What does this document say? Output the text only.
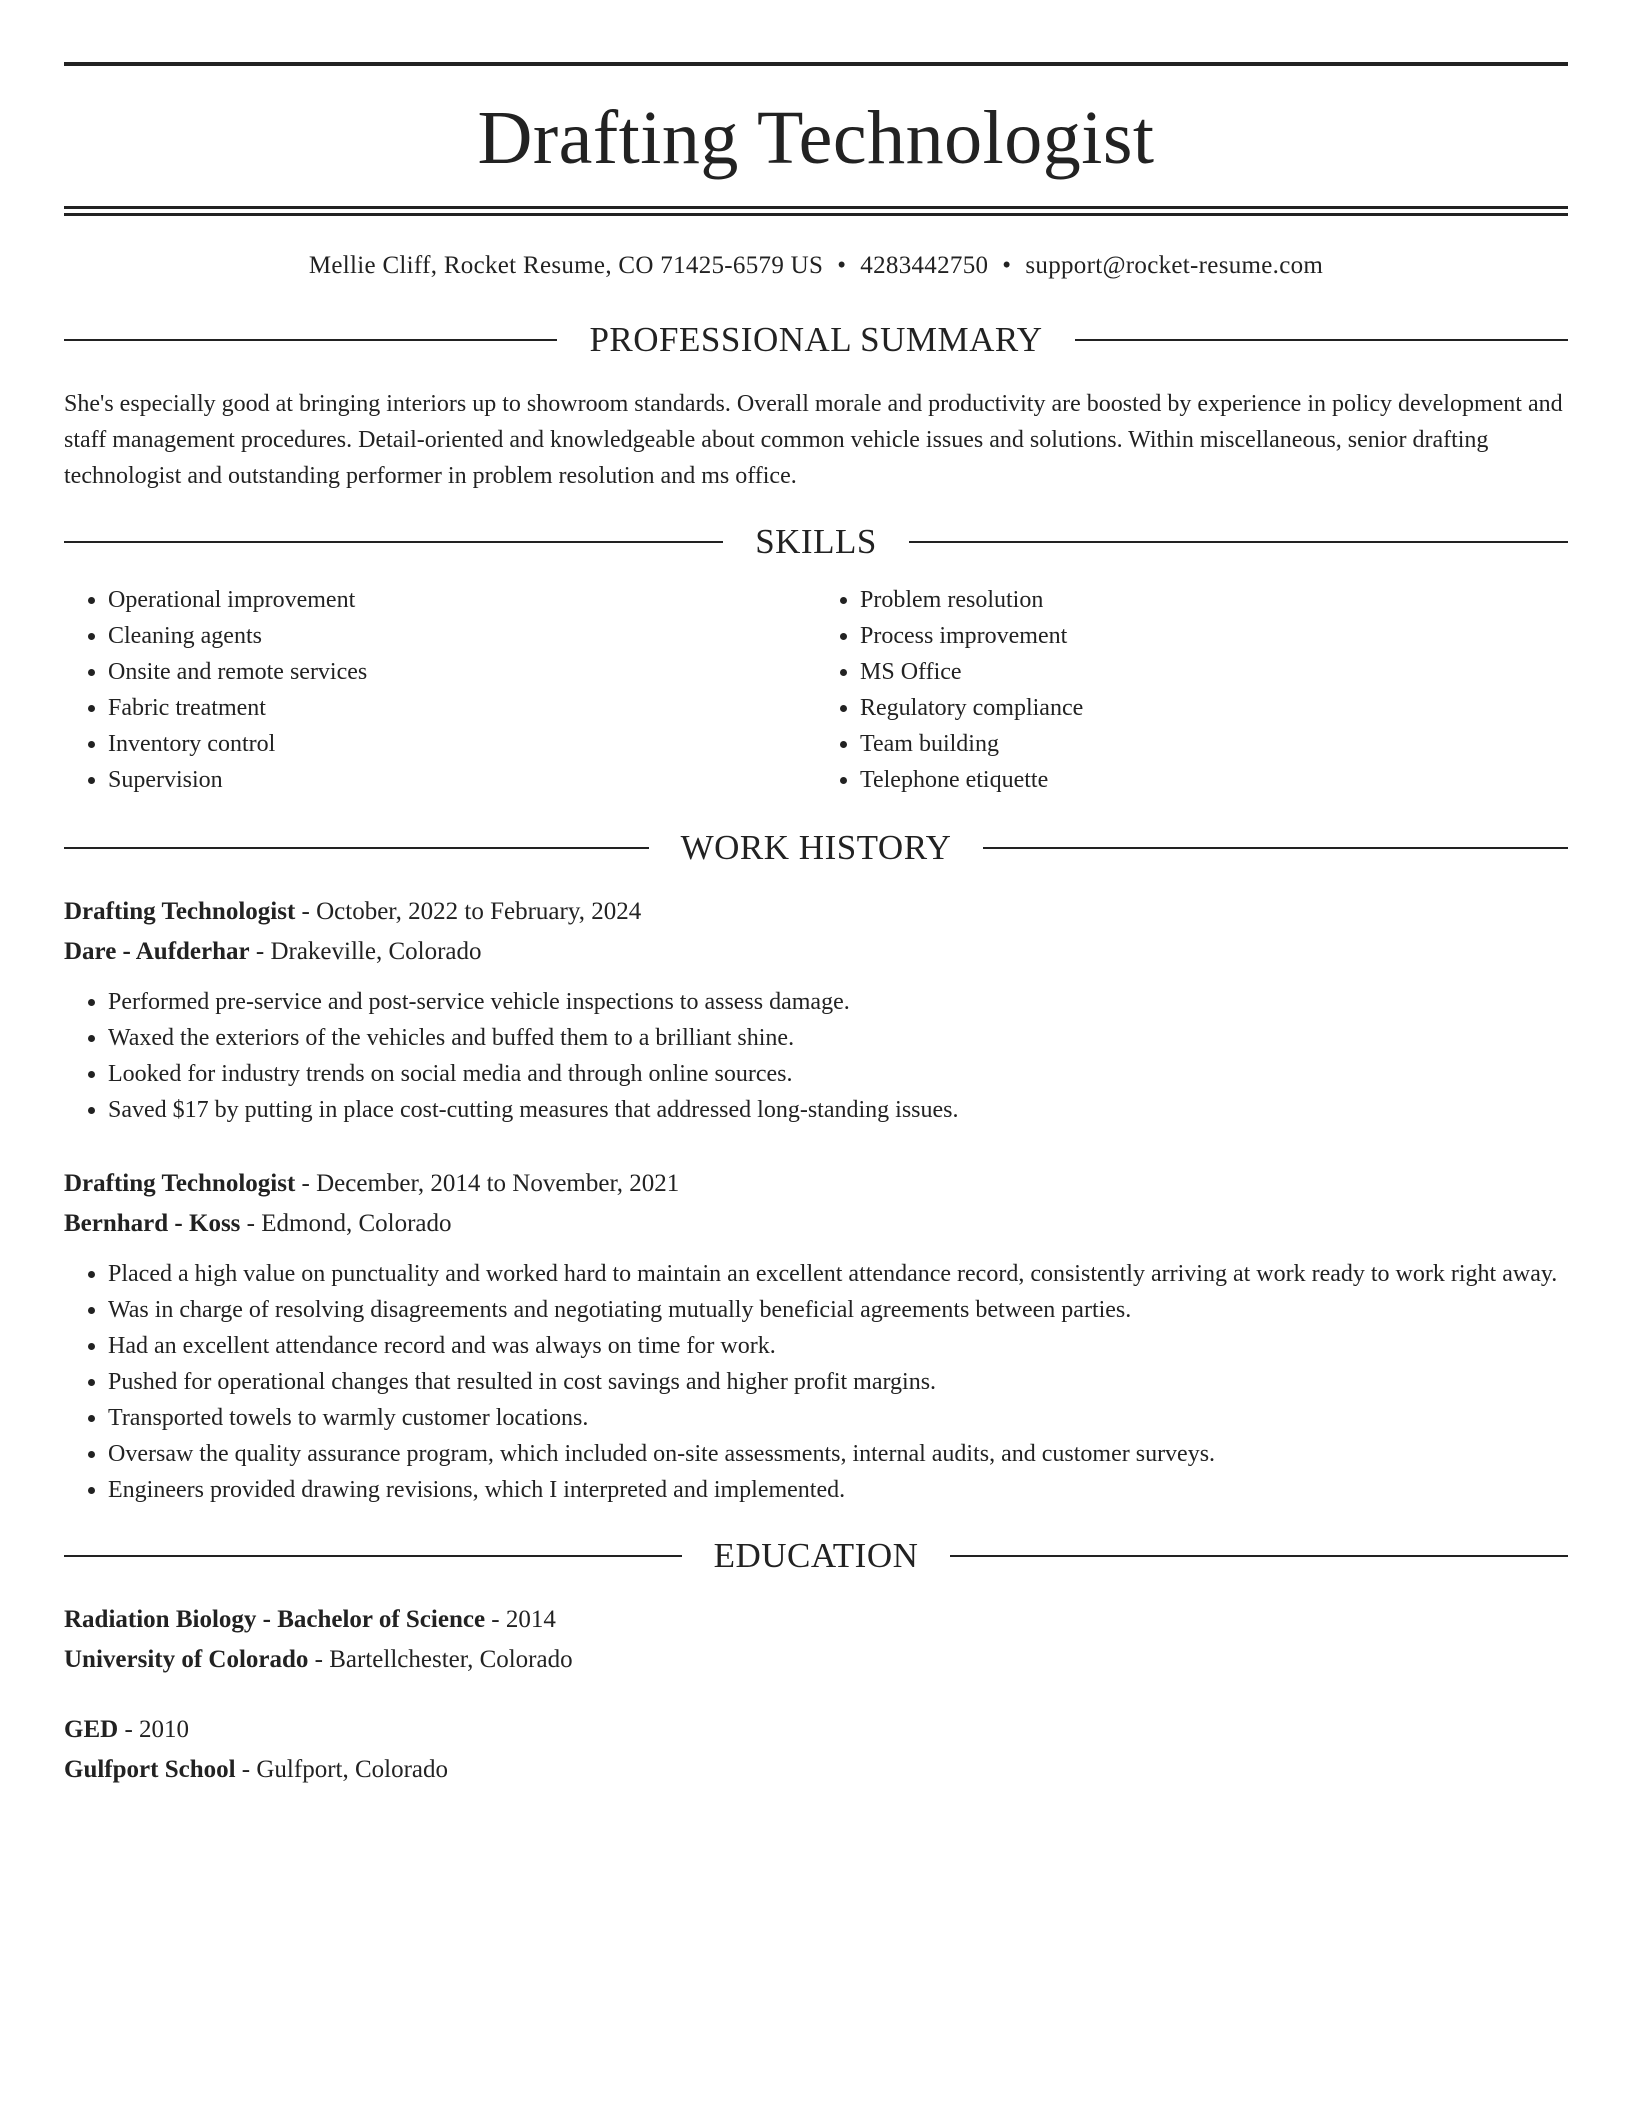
Drafting Technologist
Mellie Cliff, Rocket Resume, CO 71425-6579 US • 4283442750 • support@rocket-resume.com
PROFESSIONAL SUMMARY

She's especially good at bringing interiors up to showroom standards. Overall morale and productivity are boosted by experience in policy development and staff management procedures. Detail-oriented and knowledgeable about common vehicle issues and solutions. Within miscellaneous, senior drafting technologist and outstanding performer in problem resolution and ms office.

SKILLS
• Operational improvement
• Cleaning agents
• Onsite and remote services
• Fabric treatment
• Inventory control
• Supervision
• Problem resolution
• Process improvement
• MS Office
• Regulatory compliance
• Team building
• Telephone etiquette
WORK HISTORY
Drafting Technologist - October, 2022 to February, 2024
Dare - Aufderhar - Drakeville, Colorado
• Performed pre-service and post-service vehicle inspections to assess damage.
• Waxed the exteriors of the vehicles and buffed them to a brilliant shine.
• Looked for industry trends on social media and through online sources.
• Saved $17 by putting in place cost-cutting measures that addressed long-standing issues.
Drafting Technologist - December, 2014 to November, 2021
Bernhard - Koss - Edmond, Colorado
• Placed a high value on punctuality and worked hard to maintain an excellent attendance record, consistently arriving at work ready to work right away.
• Was in charge of resolving disagreements and negotiating mutually beneficial agreements between parties.
• Had an excellent attendance record and was always on time for work.
• Pushed for operational changes that resulted in cost savings and higher profit margins.
• Transported towels to warmly customer locations.
• Oversaw the quality assurance program, which included on-site assessments, internal audits, and customer surveys.
• Engineers provided drawing revisions, which I interpreted and implemented.
EDUCATION
Radiation Biology - Bachelor of Science - 2014
University of Colorado - Bartellchester, Colorado
GED - 2010
Gulfport School - Gulfport, Colorado
